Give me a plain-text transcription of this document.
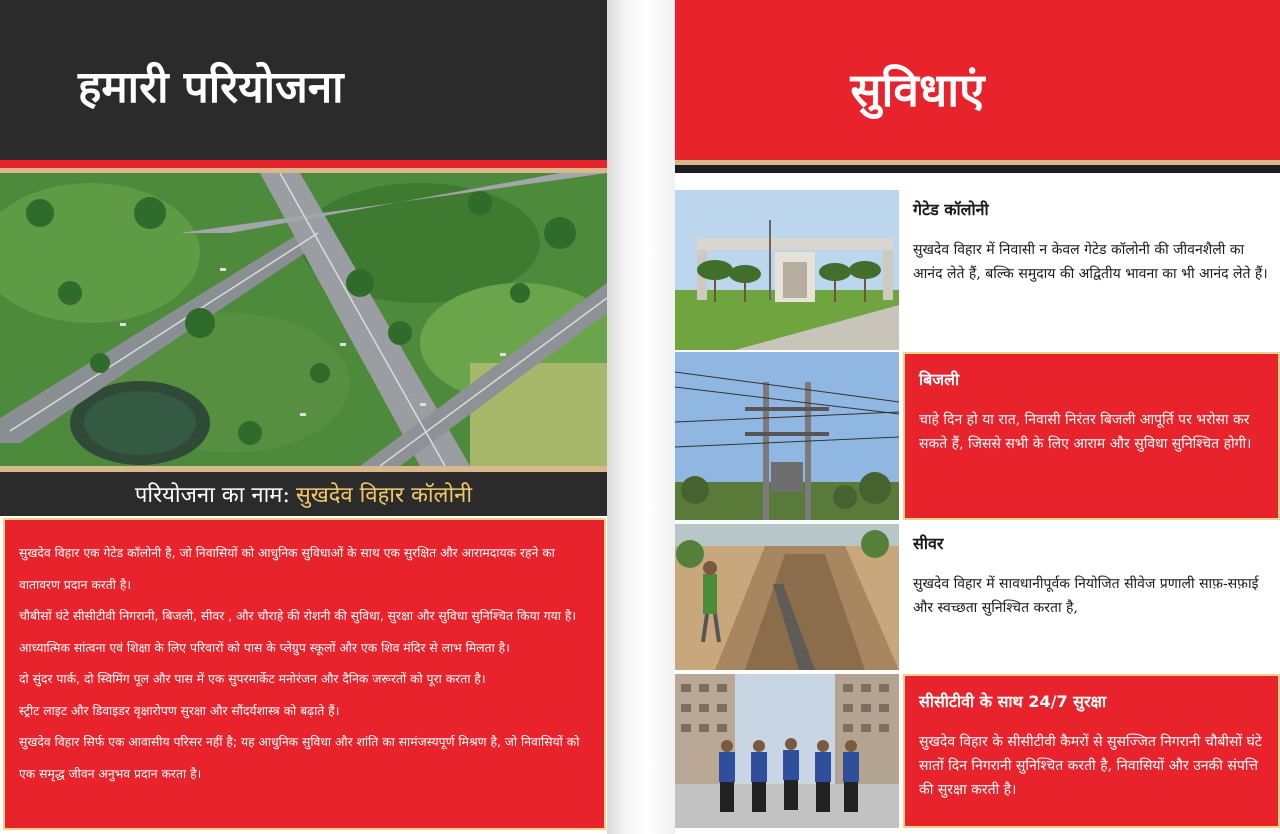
हमारी परियोजना
परियोजना का नाम: सुखदेव विहार कॉलोनी

सुखदेव विहार एक गेटेड कॉलोनी है, जो निवासियों को आधुनिक सुविधाओं के साथ एक सुरक्षित और आरामदायक रहने का वातावरण प्रदान करती है।

चौबीसों घंटे सीसीटीवी निगरानी, बिजली, सीवर , और चौराहे की रोशनी की सुविधा, सुरक्षा और सुविधा सुनिश्चित किया गया है।

आध्यात्मिक सांत्वना एवं शिक्षा के लिए परिवारों को पास के प्लेग्रुप स्कूलों और एक शिव मंदिर से लाभ मिलता है।

दो सुंदर पार्क, दो स्विमिंग पूल और पास में एक सुपरमार्केट मनोरंजन और दैनिक जरूरतों को पूरा करता है।

स्ट्रीट लाइट और डिवाइडर वृक्षारोपण सुरक्षा और सौंदर्यशास्त्र को बढ़ाते हैं।

सुखदेव विहार सिर्फ एक आवासीय परिसर नहीं है; यह आधुनिक सुविधा और शांति का सामंजस्यपूर्ण मिश्रण है, जो निवासियों को एक समृद्ध जीवन अनुभव प्रदान करता है।

सुविधाएं
गेटेड कॉलोनी

सुखदेव विहार में निवासी न केवल गेटेड कॉलोनी की जीवनशैली का आनंद लेते हैं, बल्कि समुदाय की अद्वितीय भावना का भी आनंद लेते हैं।

बिजली

चाहे दिन हो या रात, निवासी निरंतर बिजली आपूर्ति पर भरोसा कर सकते हैं, जिससे सभी के लिए आराम और सुविधा सुनिश्चित होगी।

सीवर

सुखदेव विहार में सावधानीपूर्वक नियोजित सीवेज प्रणाली साफ़-सफ़ाई और स्वच्छता सुनिश्चित करता है,

सीसीटीवी के साथ 24/7 सुरक्षा

सुखदेव विहार के सीसीटीवी कैमरों से सुसज्जित निगरानी चौबीसों घंटे सातों दिन निगरानी सुनिश्चित करती है, निवासियों और उनकी संपत्ति की सुरक्षा करती है।
